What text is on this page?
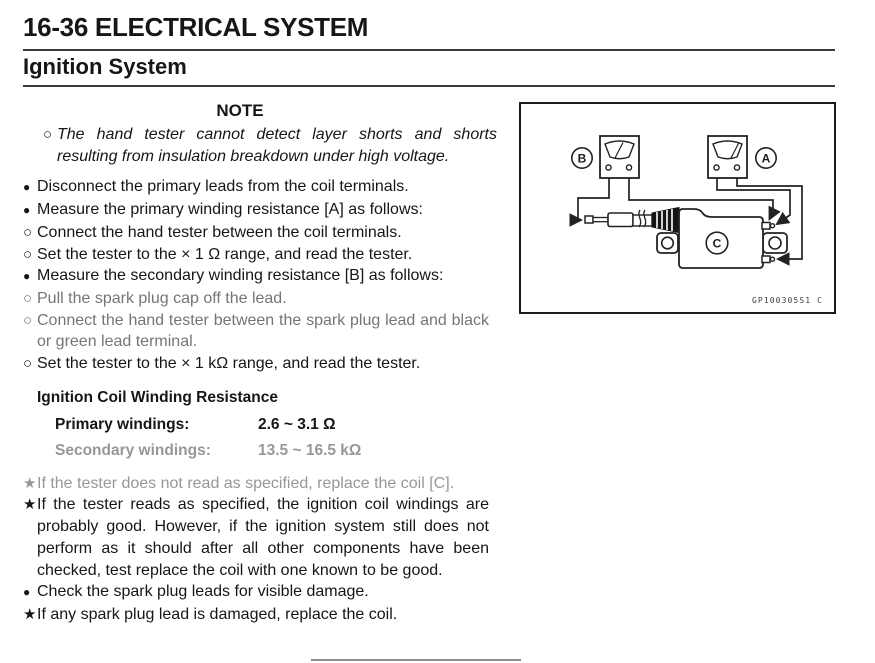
16-36 ELECTRICAL SYSTEM
Ignition System
NOTE
○ The hand tester cannot detect layer shorts and shorts resulting from insulation breakdown under high voltage.
● Disconnect the primary leads from the coil terminals.
● Measure the primary winding resistance [A] as follows:
○ Connect the hand tester between the coil terminals.
○ Set the tester to the × 1 Ω range, and read the tester.
● Measure the secondary winding resistance [B] as follows:
○ Pull the spark plug cap off the lead.
○ Connect the hand tester between the spark plug lead and black or green lead terminal.
○ Set the tester to the × 1 kΩ range, and read the tester.
Ignition Coil Winding Resistance
Primary windings:	2.6 ~ 3.1 Ω
Secondary windings:	13.5 ~ 16.5 kΩ
★If the tester does not read as specified, replace the coil [C].
★If the tester reads as specified, the ignition coil windings are probably good. However, if the ignition system still does not perform as it should after all other components have been checked, test replace the coil with one known to be good.
● Check the spark plug leads for visible damage.
★If any spark plug lead is damaged, replace the coil.
B	A
C
GP100305S1 C
